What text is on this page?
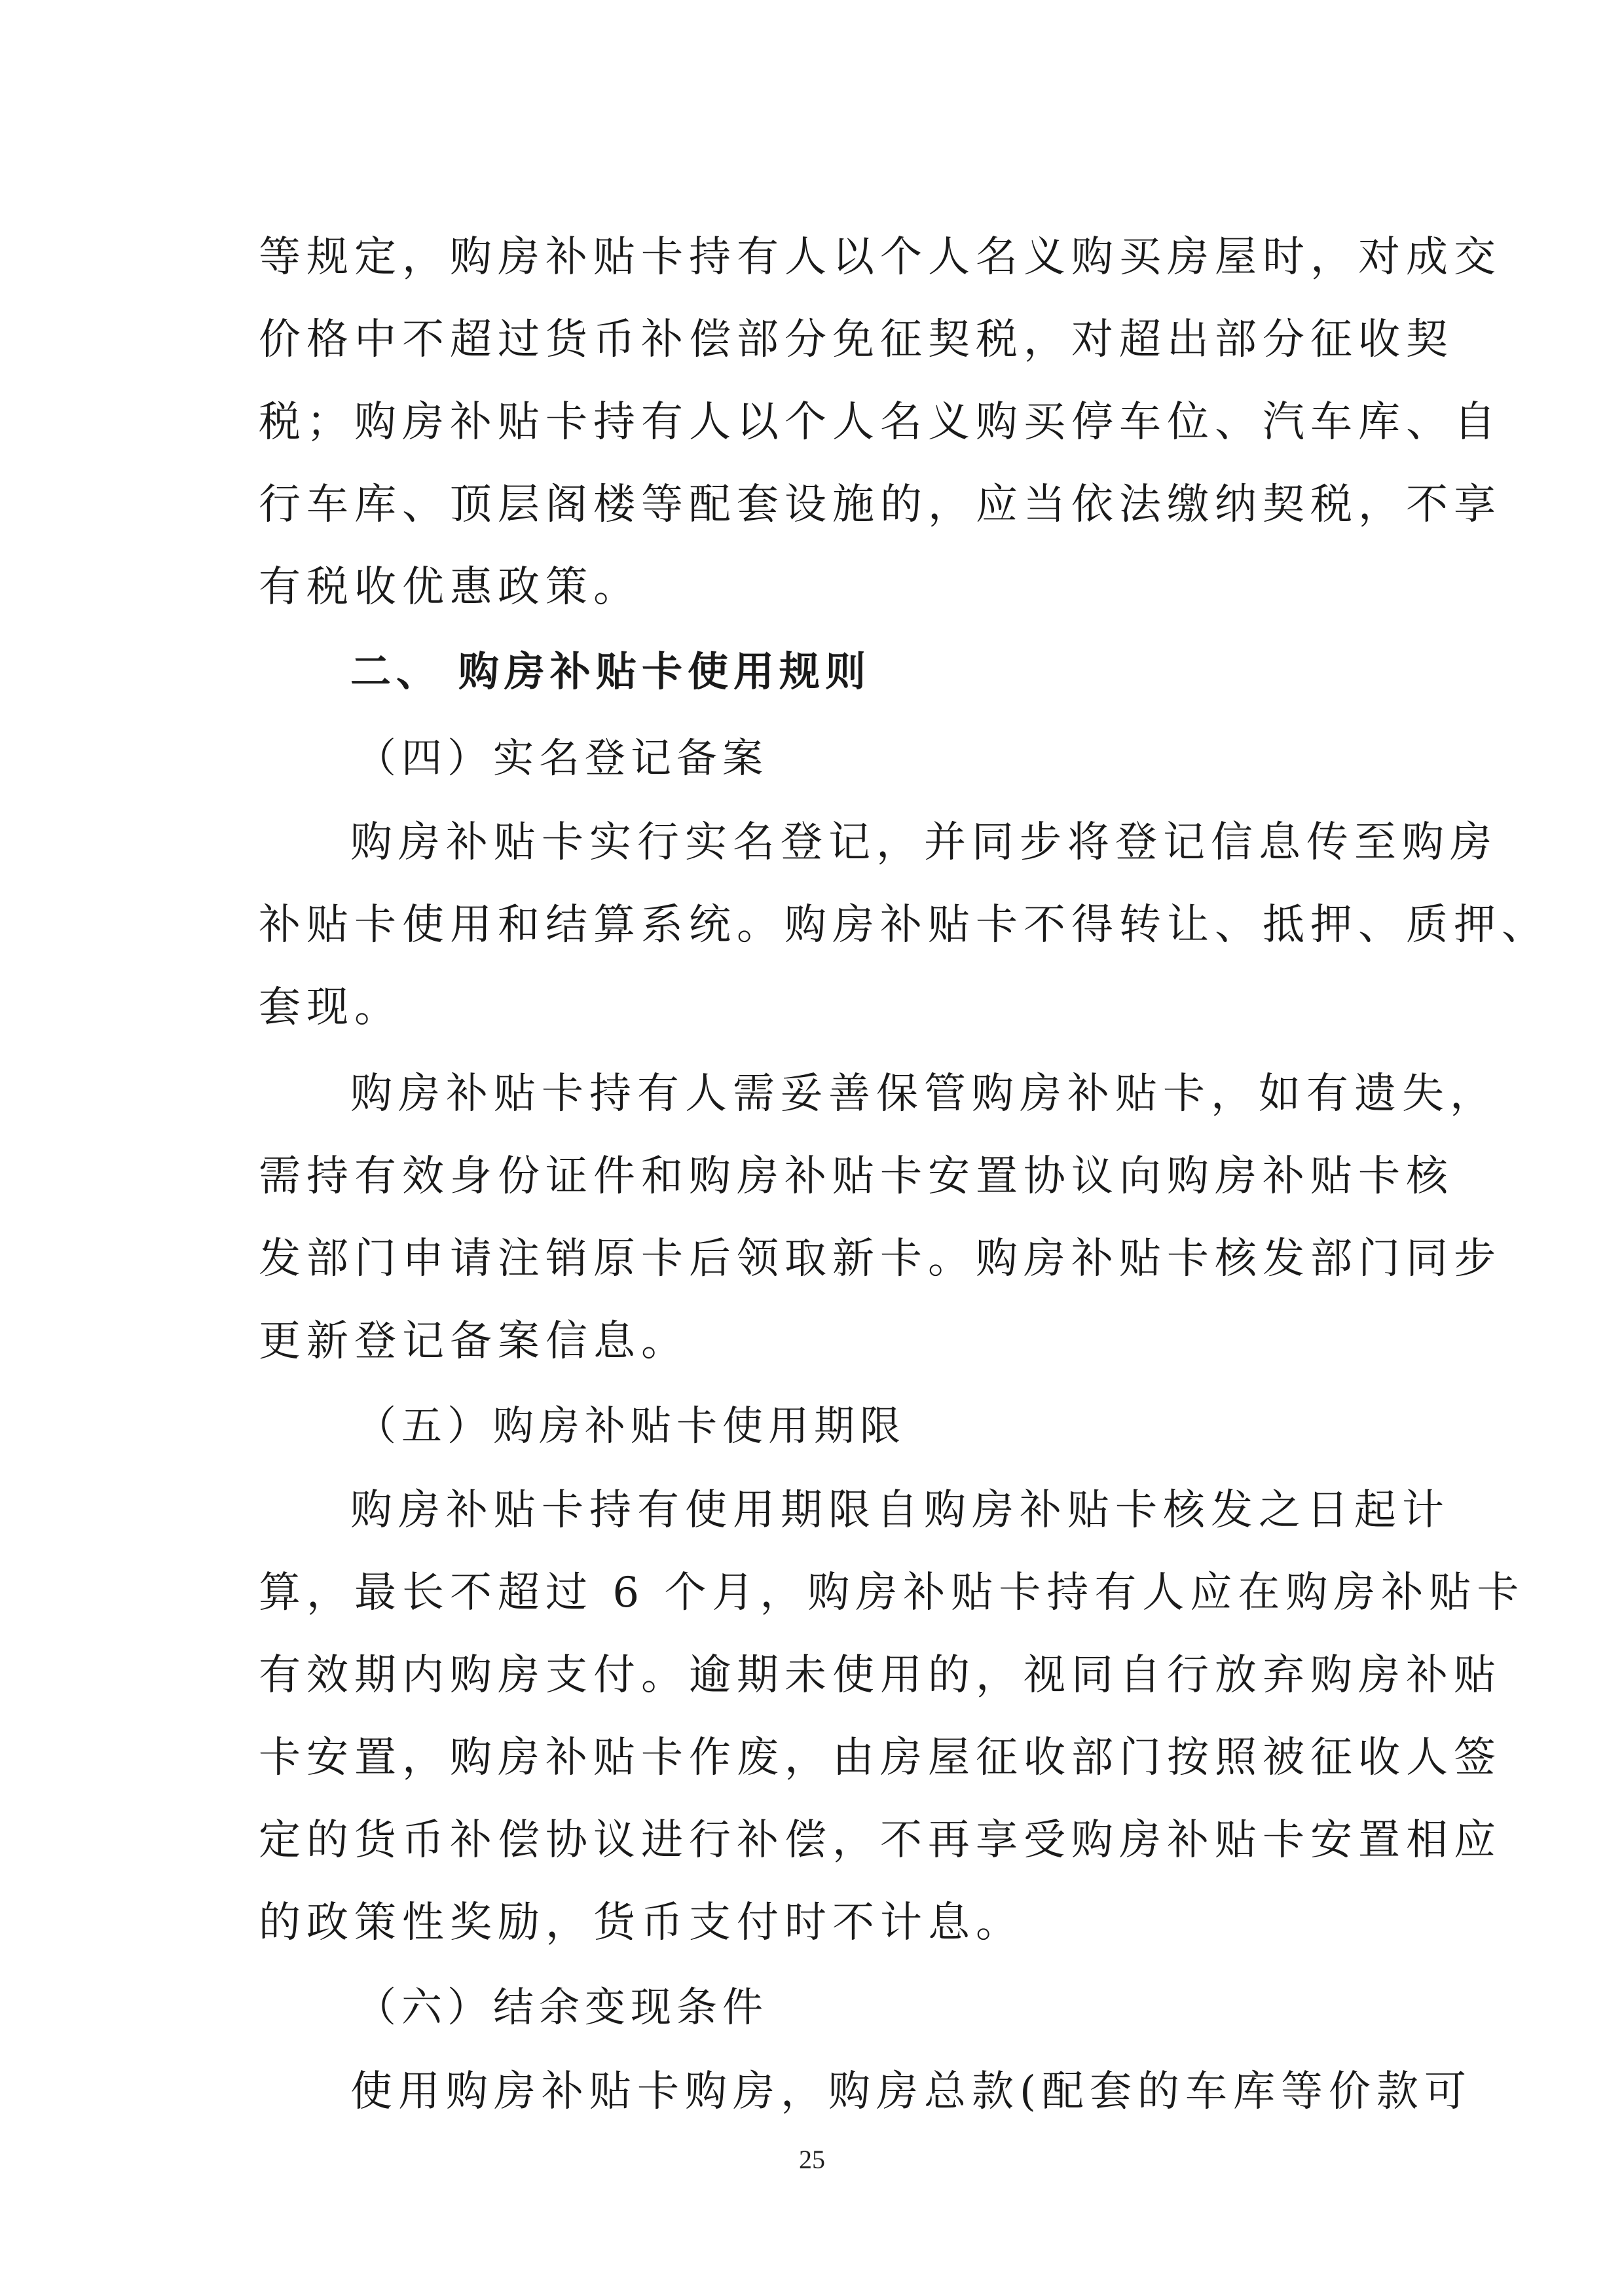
等规定，购房补贴卡持有人以个人名义购买房屋时，对成交
价格中不超过货币补偿部分免征契税，对超出部分征收契
税；购房补贴卡持有人以个人名义购买停车位、汽车库、自
行车库、顶层阁楼等配套设施的，应当依法缴纳契税，不享
有税收优惠政策。
二、 购房补贴卡使用规则
（四）实名登记备案
购房补贴卡实行实名登记，并同步将登记信息传至购房
补贴卡使用和结算系统。购房补贴卡不得转让、抵押、质押、
套现。
购房补贴卡持有人需妥善保管购房补贴卡，如有遗失，
需持有效身份证件和购房补贴卡安置协议向购房补贴卡核
发部门申请注销原卡后领取新卡。购房补贴卡核发部门同步
更新登记备案信息。
（五）购房补贴卡使用期限
购房补贴卡持有使用期限自购房补贴卡核发之日起计
算，最长不超过 6 个月，购房补贴卡持有人应在购房补贴卡
有效期内购房支付。逾期未使用的，视同自行放弃购房补贴
卡安置，购房补贴卡作废，由房屋征收部门按照被征收人签
定的货币补偿协议进行补偿，不再享受购房补贴卡安置相应
的政策性奖励，货币支付时不计息。
（六）结余变现条件
使用购房补贴卡购房，购房总款(配套的车库等价款可
25
